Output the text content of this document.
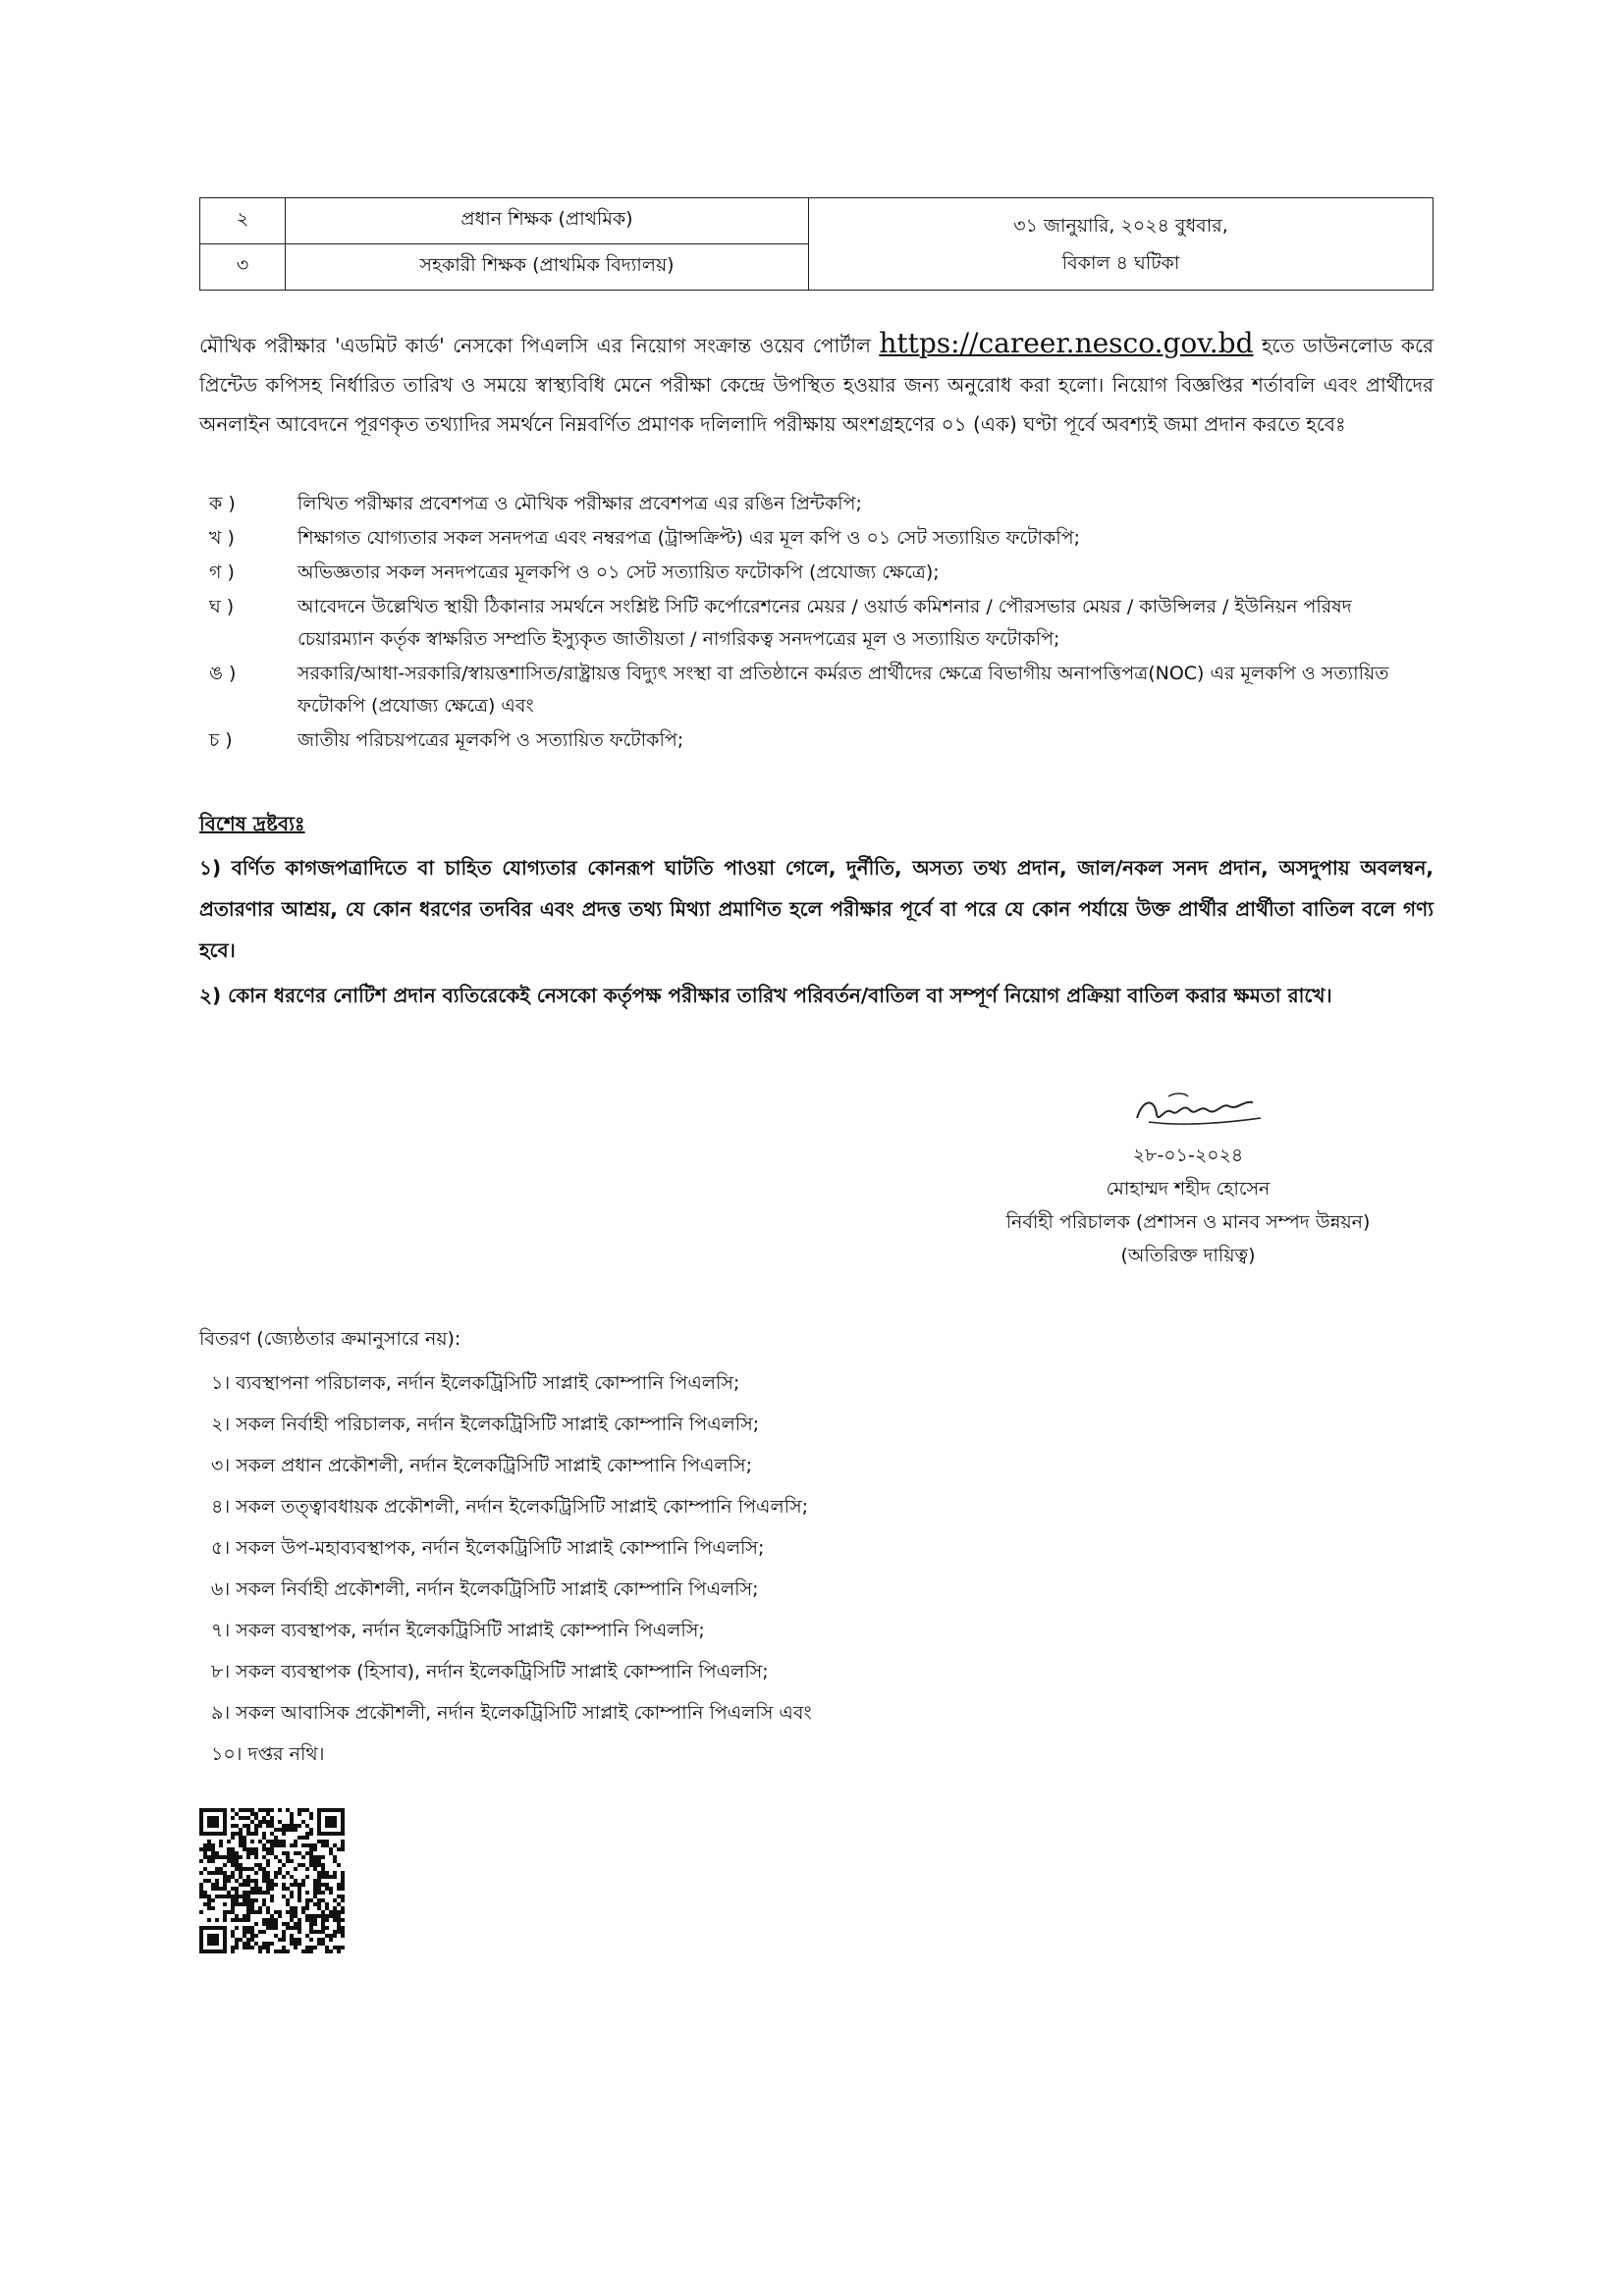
২	প্রধান শিক্ষক (প্রাথমিক)	৩১ জানুয়ারি, ২০২৪ বুধবার,
বিকাল ৪ ঘটিকা

৩	সহকারী শিক্ষক (প্রাথমিক বিদ্যালয়)	

মৌখিক পরীক্ষার 'এডমিট কার্ড' নেসকো পিএলসি এর নিয়োগ সংক্রান্ত ওয়েব পোর্টাল https://career.nesco.gov.bd হতে ডাউনলোড করে প্রিন্টেড কপিসহ নির্ধারিত তারিখ ও সময়ে স্বাস্থ্যবিধি মেনে পরীক্ষা কেন্দ্রে উপস্থিত হওয়ার জন্য অনুরোধ করা হলো। নিয়োগ বিজ্ঞপ্তির শর্তাবলি এবং প্রার্থীদের অনলাইন আবেদনে পূরণকৃত তথ্যাদির সমর্থনে নিম্নবর্ণিত প্রমাণক দলিলাদি পরীক্ষায় অংশগ্রহণের ০১ (এক) ঘণ্টা পূর্বে অবশ্যই জমা প্রদান করতে হবেঃ

ক )	লিখিত পরীক্ষার প্রবেশপত্র ও মৌখিক পরীক্ষার প্রবেশপত্র এর রঙিন প্রিন্টকপি;
খ )	শিক্ষাগত যোগ্যতার সকল সনদপত্র এবং নম্বরপত্র (ট্রান্সক্রিপ্ট) এর মূল কপি ও ০১ সেট সত্যায়িত ফটোকপি;
গ )	অভিজ্ঞতার সকল সনদপত্রের মূলকপি ও ০১ সেট সত্যায়িত ফটোকপি (প্রযোজ্য ক্ষেত্রে);
ঘ )	আবেদনে উল্লেখিত স্থায়ী ঠিকানার সমর্থনে সংশ্লিষ্ট সিটি কর্পোরেশনের মেয়র / ওয়ার্ড কমিশনার / পৌরসভার মেয়র / কাউন্সিলর / ইউনিয়ন পরিষদ চেয়ারম্যান কর্তৃক স্বাক্ষরিত সম্প্রতি ইস্যুকৃত জাতীয়তা / নাগরিকত্ব সনদপত্রের মূল ও সত্যায়িত ফটোকপি;
ঙ )	সরকারি/আধা-সরকারি/স্বায়ত্তশাসিত/রাষ্ট্রায়ত্ত বিদ্যুৎ সংস্থা বা প্রতিষ্ঠানে কর্মরত প্রার্থীদের ক্ষেত্রে বিভাগীয় অনাপত্তিপত্র(NOC) এর মূলকপি ও সত্যায়িত ফটোকপি (প্রযোজ্য ক্ষেত্রে) এবং
চ )	জাতীয় পরিচয়পত্রের মূলকপি ও সত্যায়িত ফটোকপি;

বিশেষ দ্রষ্টব্যঃ

১) বর্ণিত কাগজপত্রাদিতে বা চাহিত যোগ্যতার কোনরূপ ঘাটতি পাওয়া গেলে, দুর্নীতি, অসত্য তথ্য প্রদান, জাল/নকল সনদ প্রদান, অসদুপায় অবলম্বন, প্রতারণার আশ্রয়, যে কোন ধরণের তদবির এবং প্রদত্ত তথ্য মিথ্যা প্রমাণিত হলে পরীক্ষার পূর্বে বা পরে যে কোন পর্যায়ে উক্ত প্রার্থীর প্রার্থীতা বাতিল বলে গণ্য হবে।

২) কোন ধরণের নোটিশ প্রদান ব্যতিরেকেই নেসকো কর্তৃপক্ষ পরীক্ষার তারিখ পরিবর্তন/বাতিল বা সম্পূর্ণ নিয়োগ প্রক্রিয়া বাতিল করার ক্ষমতা রাখে।

২৮-০১-২০২৪
মোহাম্মদ শহীদ হোসেন
নির্বাহী পরিচালক (প্রশাসন ও মানব সম্পদ উন্নয়ন)
(অতিরিক্ত দায়িত্ব)

বিতরণ (জ্যেষ্ঠতার ক্রমানুসারে নয়):

১। ব্যবস্থাপনা পরিচালক, নর্দান ইলেকট্রিসিটি সাপ্লাই কোম্পানি পিএলসি;
২। সকল নির্বাহী পরিচালক, নর্দান ইলেকট্রিসিটি সাপ্লাই কোম্পানি পিএলসি;
৩। সকল প্রধান প্রকৌশলী, নর্দান ইলেকট্রিসিটি সাপ্লাই কোম্পানি পিএলসি;
৪। সকল তত্ত্বাবধায়ক প্রকৌশলী, নর্দান ইলেকট্রিসিটি সাপ্লাই কোম্পানি পিএলসি;
৫। সকল উপ-মহাব্যবস্থাপক, নর্দান ইলেকট্রিসিটি সাপ্লাই কোম্পানি পিএলসি;
৬। সকল নির্বাহী প্রকৌশলী, নর্দান ইলেকট্রিসিটি সাপ্লাই কোম্পানি পিএলসি;
৭। সকল ব্যবস্থাপক, নর্দান ইলেকট্রিসিটি সাপ্লাই কোম্পানি পিএলসি;
৮। সকল ব্যবস্থাপক (হিসাব), নর্দান ইলেকট্রিসিটি সাপ্লাই কোম্পানি পিএলসি;
৯। সকল আবাসিক প্রকৌশলী, নর্দান ইলেকট্রিসিটি সাপ্লাই কোম্পানি পিএলসি এবং
১০। দপ্তর নথি।
